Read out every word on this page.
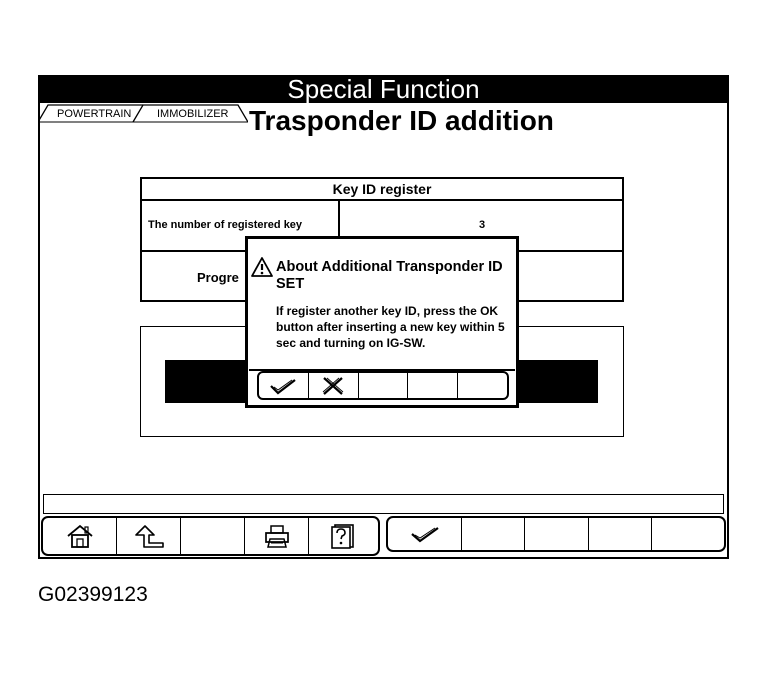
Special Function
POWERTRAIN IMMOBILIZER Trasponder ID addition
Key ID register
The number of registered key	3
Progre
About Additional Transponder ID SET
If register another key ID, press the OK button after inserting a new key within 5 sec and turning on IG-SW.
G02399123
